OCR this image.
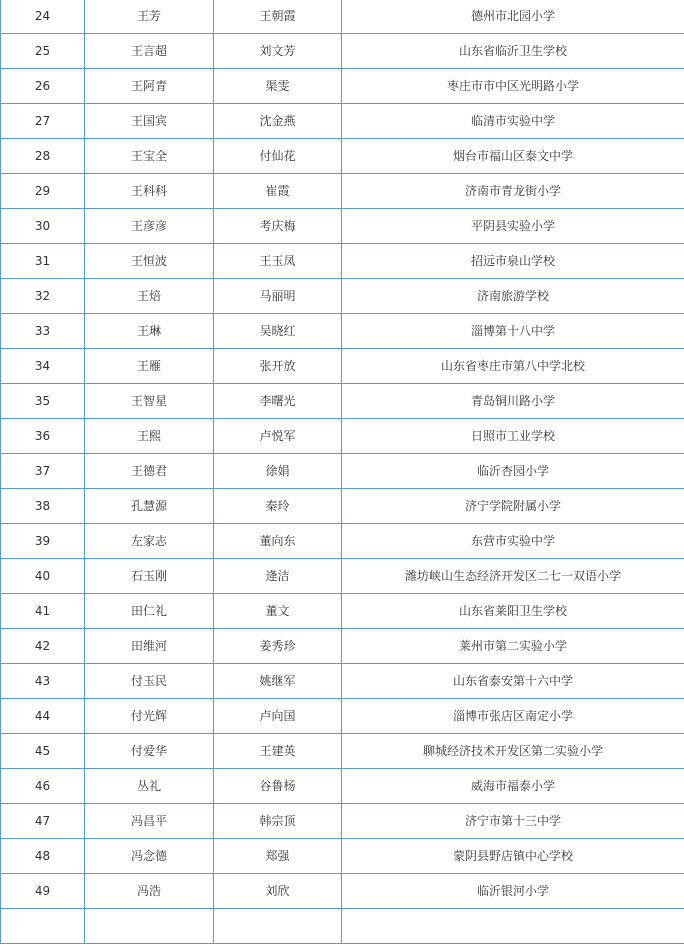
24	王芳	王朝霞	德州市北园小学
25	王言超	刘文芳	山东省临沂卫生学校
26	王阿青	渠雯	枣庄市市中区光明路小学
27	王国宾	沈金燕	临清市实验中学
28	王宝全	付仙花	烟台市福山区泰文中学
29	王科科	崔霞	济南市青龙街小学
30	王彦彦	考庆梅	平阴县实验小学
31	王恒波	王玉凤	招远市泉山学校
32	王焙	马丽明	济南旅游学校
33	王琳	吴晓红	淄博第十八中学
34	王雁	张开放	山东省枣庄市第八中学北校
35	王智星	李曙光	青岛铜川路小学
36	王熙	卢悦军	日照市工业学校
37	王德君	徐娟	临沂杏园小学
38	孔慧源	秦玲	济宁学院附属小学
39	左家志	董向东	东营市实验中学
40	石玉刚	逄洁	潍坊峡山生态经济开发区二七一双语小学
41	田仁礼	董文	山东省莱阳卫生学校
42	田维河	姜秀珍	莱州市第二实验小学
43	付玉民	姚继军	山东省泰安第十六中学
44	付光辉	卢向国	淄博市张店区南定小学
45	付爱华	王建英	聊城经济技术开发区第二实验小学
46	丛礼	谷鲁杨	威海市福泰小学
47	冯昌平	韩宗顶	济宁市第十三中学
48	冯念德	郑强	蒙阴县野店镇中心学校
49	冯浩	刘欣	临沂银河小学
